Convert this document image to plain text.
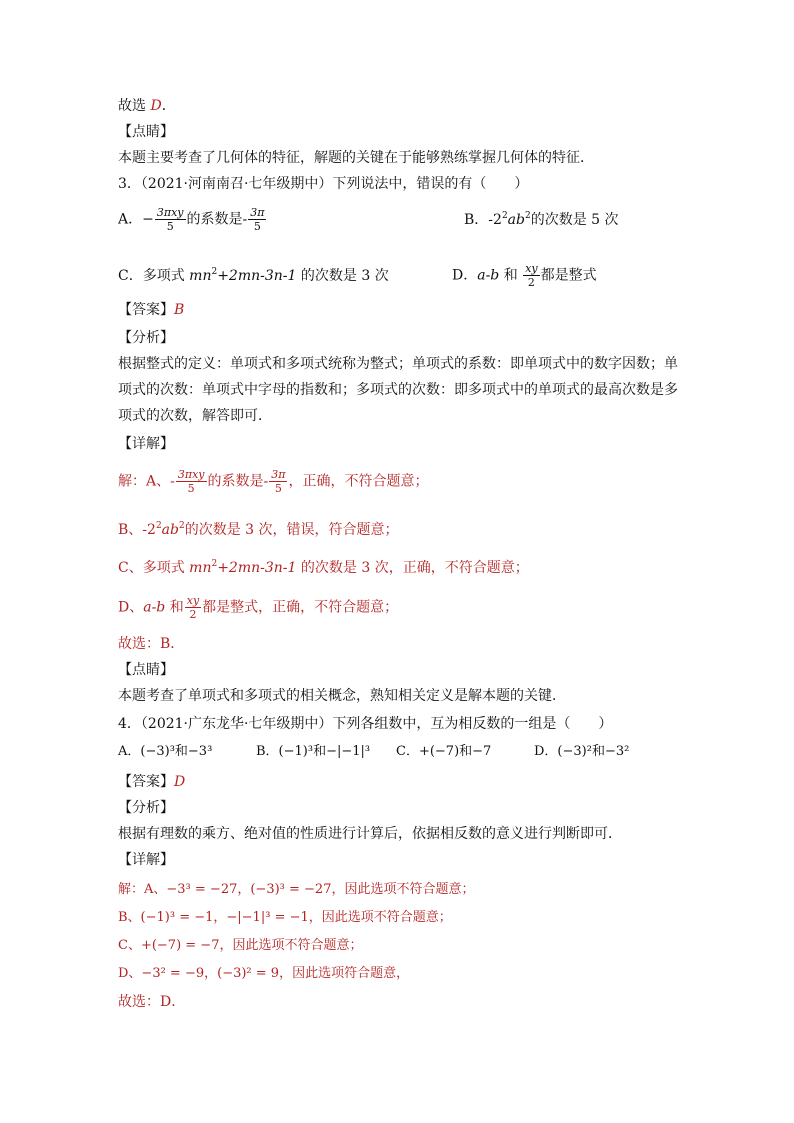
故选 D．
【点睛】
本题主要考查了几何体的特征，解题的关键在于能够熟练掌握几何体的特征．
3．（2021·河南南召·七年级期中）下列说法中，错误的有（　　）
A．− $\frac{\text{3πxy}}{5}$ 的系数是- $\frac{3\pi}{5}$	B．$-2^2ab^2$的次数是 5 次
C．多项式 $mn^2+2mn-3n-1$ 的次数是 3 次	D．a-b 和 $\frac{xy}{2}$ 都是整式
【答案】B
【分析】
根据整式的定义：单项式和多项式统称为整式；单项式的系数：即单项式中的数字因数；单
项式的次数：单项式中字母的指数和；多项式的次数：即多项式中的单项式的最高次数是多
项式的次数，解答即可．
【详解】
解：A、- $\frac{\text{3πxy}}{5}$ 的系数是- $\frac{3\pi}{5}$ ，正确，不符合题意；
B、$-2^2ab^2$的次数是 3 次，错误，符合题意；
C、多项式 $mn^2+2mn-3n-1$ 的次数是 3 次，正确，不符合题意；
D、a-b 和 $\frac{xy}{2}$ 都是整式，正确，不符合题意；
故选：B．
【点睛】
本题考查了单项式和多项式的相关概念，熟知相关定义是解本题的关键．
4．（2021·广东龙华·七年级期中）下列各组数中，互为相反数的一组是（　　）
A．(−3)³和−3³	B．(−1)³和−|−1|³ C．+(−7)和−7	D．(−3)²和−3²
【答案】D
【分析】
根据有理数的乘方、绝对值的性质进行计算后，依据相反数的意义进行判断即可．
【详解】
解：A、−3³ = −27，(−3)³ = −27，因此选项不符合题意；
B、(−1)³ = −1，−|−1|³ = −1，因此选项不符合题意；
C、+(−7) = −7，因此选项不符合题意；
D、−3² = −9，(−3)² = 9，因此选项符合题意，
故选：D．
